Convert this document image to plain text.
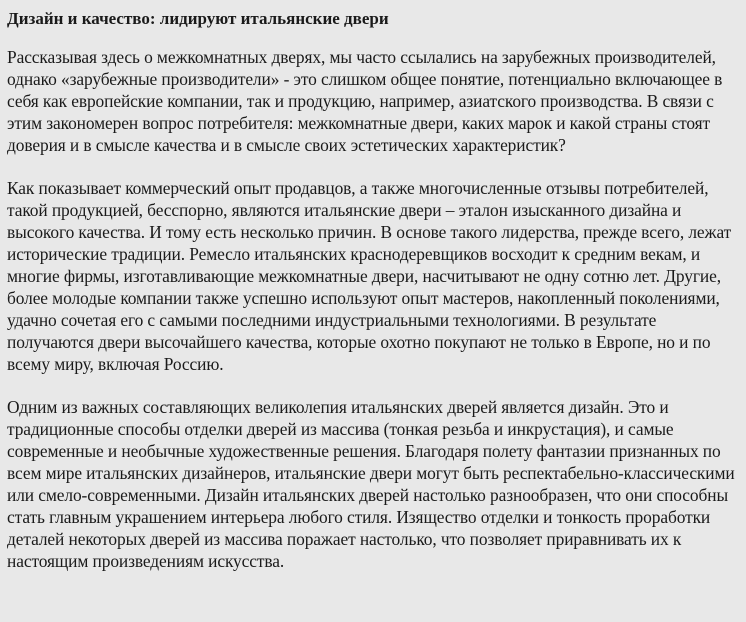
Дизайн и качество: лидируют итальянские двери

Рассказывая здесь о межкомнатных дверях, мы часто ссылались на зарубежных производителей, однако «зарубежные производители» - это слишком общее понятие, потенциально включающее в себя как европейские компании, так и продукцию, например, азиатского производства. В связи с этим закономерен вопрос потребителя: межкомнатные двери, каких марок и какой страны стоят доверия и в смысле качества и в смысле своих эстетических характеристик?

Как показывает коммерческий опыт продавцов, а также многочисленные отзывы потребителей, такой продукцией, бесспорно, являются итальянские двери – эталон изысканного дизайна и высокого качества. И тому есть несколько причин. В основе такого лидерства, прежде всего, лежат исторические традиции. Ремесло итальянских краснодеревщиков восходит к средним векам, и многие фирмы, изготавливающие межкомнатные двери, насчитывают не одну сотню лет. Другие, более молодые компании также успешно используют опыт мастеров, накопленный поколениями, удачно сочетая его с самыми последними индустриальными технологиями. В результате получаются двери высочайшего качества, которые охотно покупают не только в Европе, но и по всему миру, включая Россию.

Одним из важных составляющих великолепия итальянских дверей является дизайн. Это и традиционные способы отделки дверей из массива (тонкая резьба и инкрустация), и самые современные и необычные художественные решения. Благодаря полету фантазии признанных по всем мире итальянских дизайнеров, итальянские двери могут быть респектабельно-классическими или смело-современными. Дизайн итальянских дверей настолько разнообразен, что они способны стать главным украшением интерьера любого стиля. Изящество отделки и тонкость проработки деталей некоторых дверей из массива поражает настолько, что позволяет приравнивать их к настоящим произведениям искусства.
